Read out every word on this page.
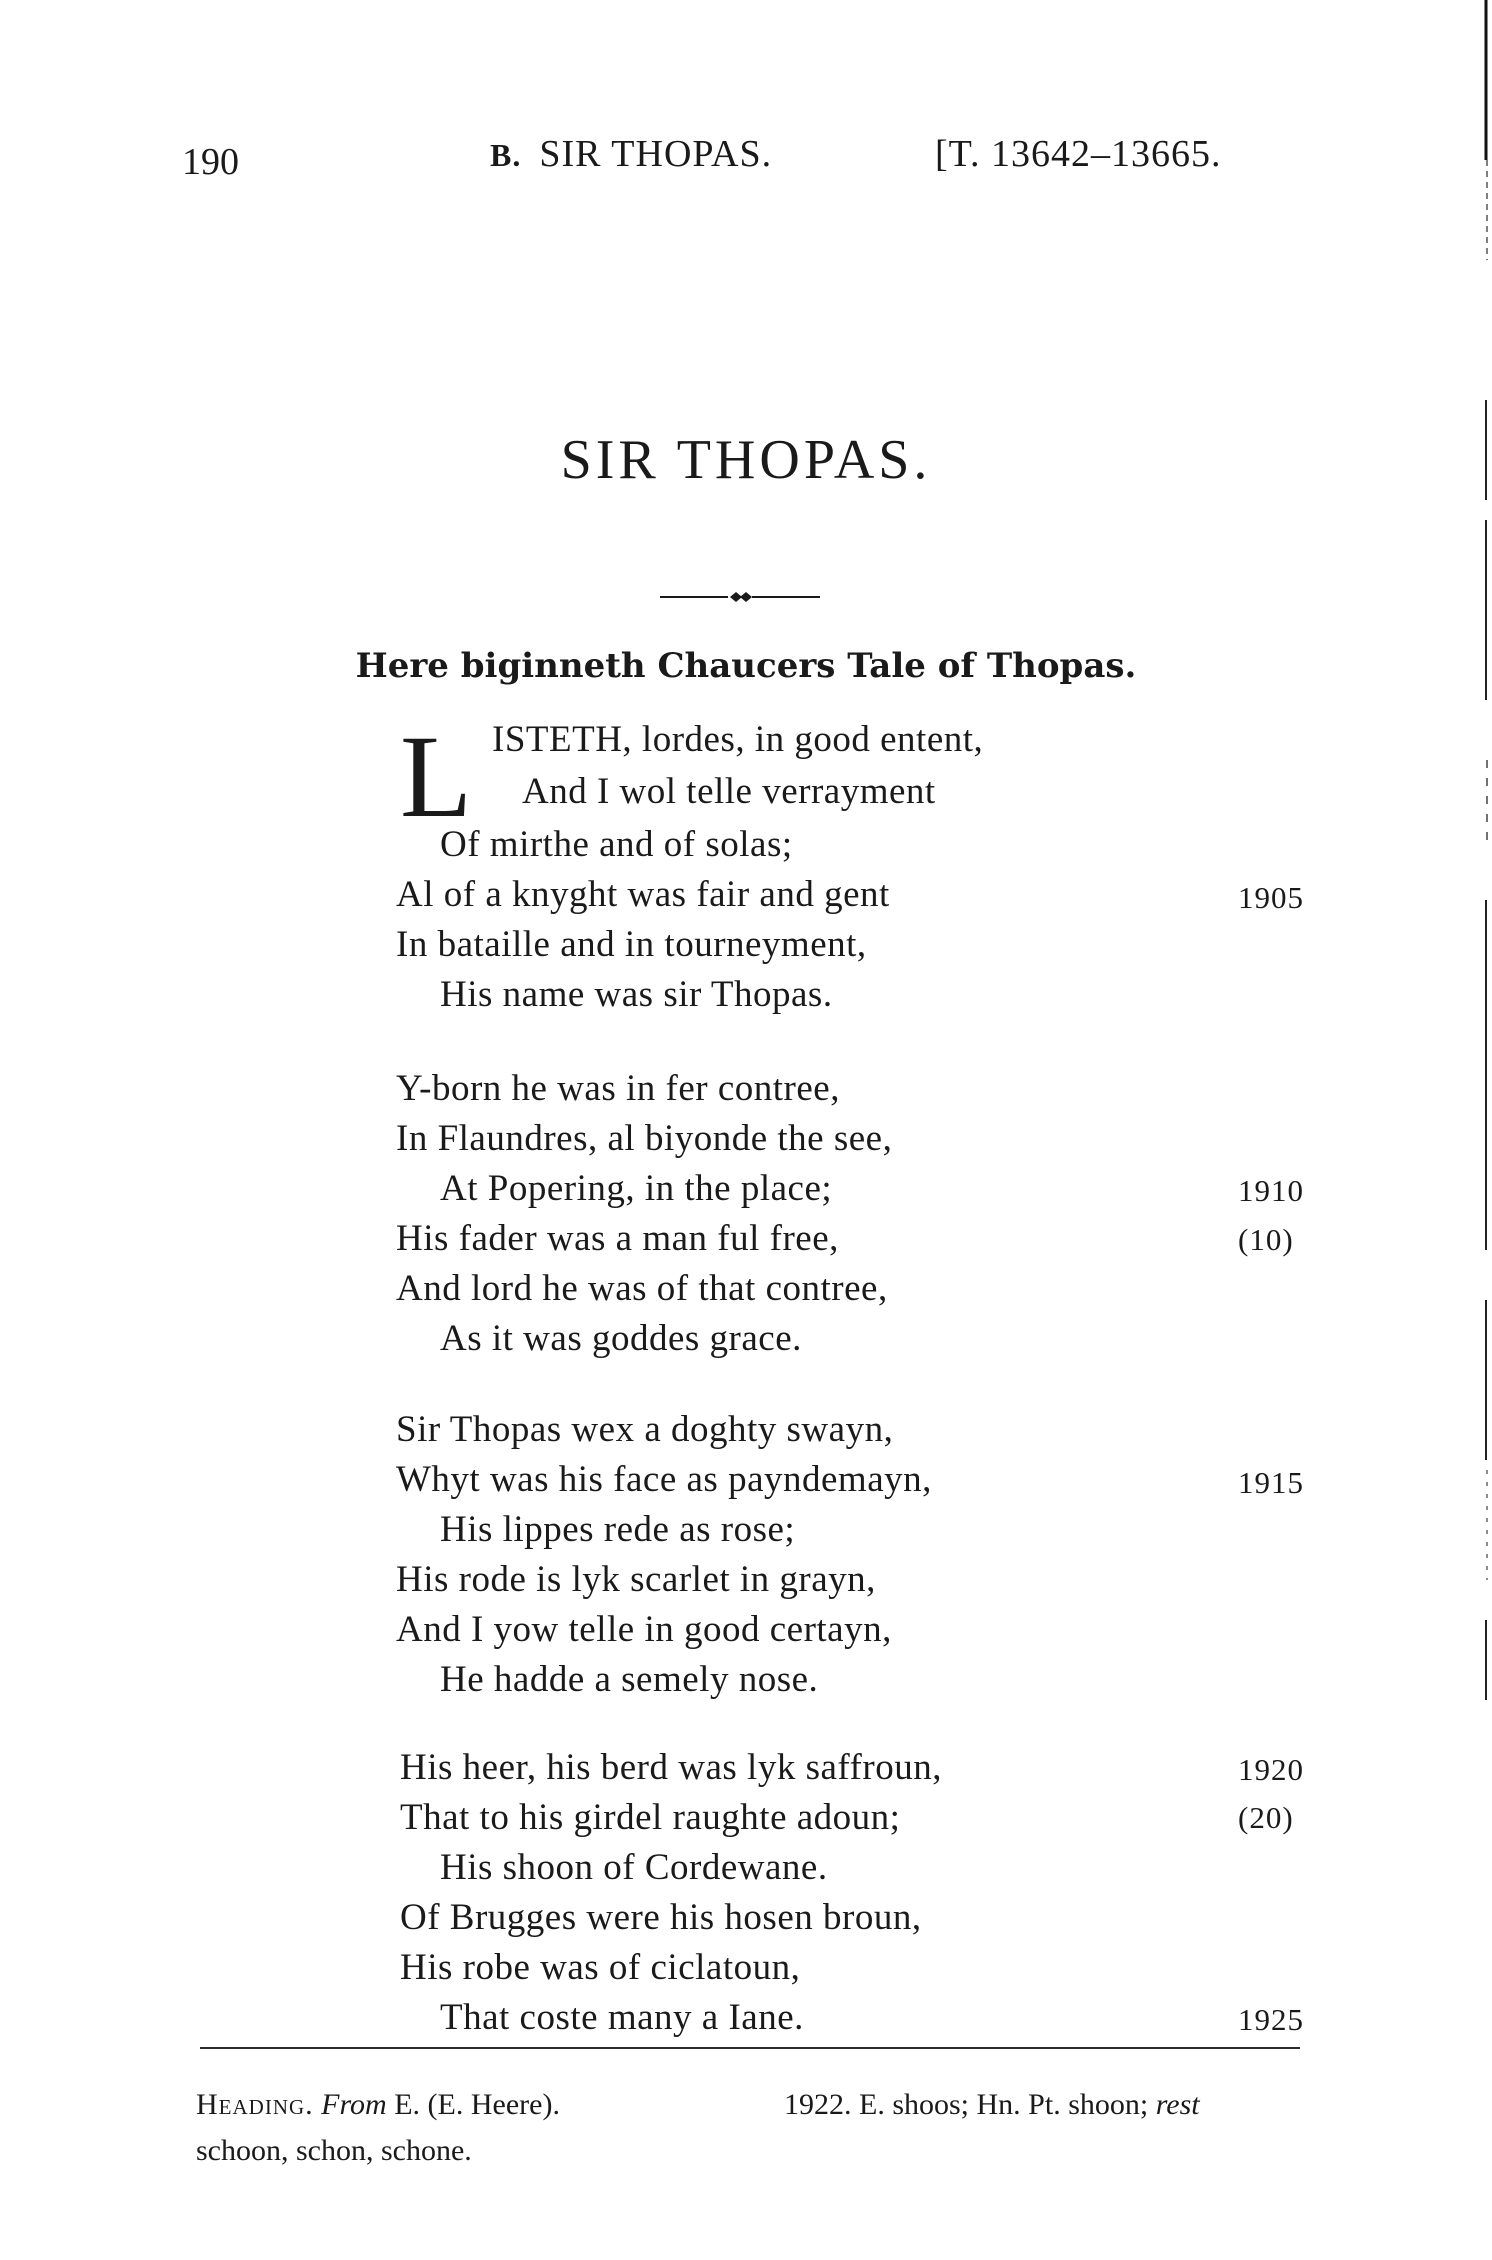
190	B. SIR THOPAS.	[T. 13642–13665.
SIR THOPAS.
Here biginneth Chaucers Tale of Thopas.
L ISTETH, lordes, in good entent,
And I wol telle verrayment
Of mirthe and of solas;
Al of a knyght was fair and gent
In bataille and in tourneyment,
His name was sir Thopas.
1905
Y-born he was in fer contree,
In Flaundres, al biyonde the see,
At Popering, in the place;
His fader was a man ful free,
And lord he was of that contree,
As it was goddes grace.
1910
(10)
Sir Thopas wex a doghty swayn,
Whyt was his face as payndemayn,
His lippes rede as rose;
His rode is lyk scarlet in grayn,
And I yow telle in good certayn,
He hadde a semely nose.
1915
His heer, his berd was lyk saffroun,
That to his girdel raughte adoun;
His shoon of Cordewane.
Of Brugges were his hosen broun,
His robe was of ciclatoun,
That coste many a Iane.
1920
(20)
1925
Heading. From E. (E. Heere).	1922. E. shoos; Hn. Pt. shoon; rest
schoon, schon, schone.
